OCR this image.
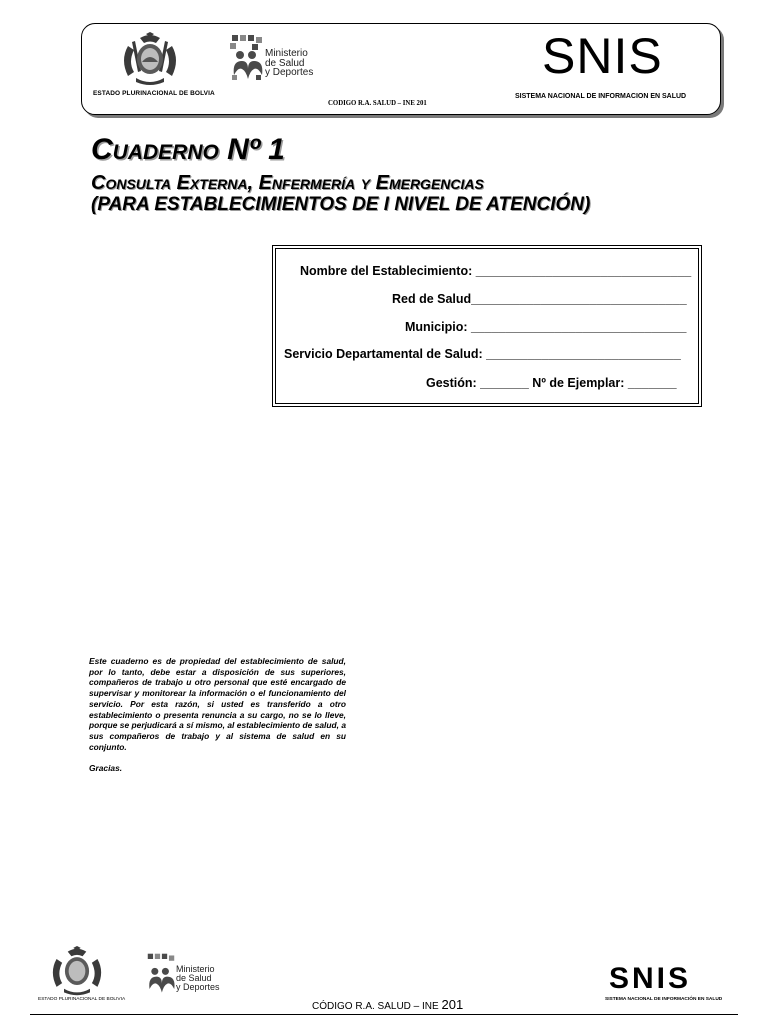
ESTADO PLURINACIONAL DE BOLVIA
Ministerio
de Salud
y Deportes
CODIGO R.A. SALUD – INE 201
SNIS
SISTEMA NACIONAL DE INFORMACION EN SALUD
Cuaderno Nº 1
Consulta Externa, Enfermería y Emergencias
(PARA ESTABLECIMIENTOS DE I NIVEL DE ATENCIÓN)
Nombre del Establecimiento: _______________________________
Red de Salud_______________________________
Municipio: _______________________________
Servicio Departamental de Salud: ____________________________
Gestión: _______ Nº de Ejemplar: _______
Este cuaderno es de propiedad del establecimiento de salud, por lo tanto, debe estar a disposición de sus superiores, compañeros de trabajo u otro personal que esté encargado de supervisar y monitorear la información o el funcionamiento del servicio. Por esta razón, si usted es transferido a otro establecimiento o presenta renuncia a su cargo, no se lo lleve, porque se perjudicará a sí mismo, al establecimiento de salud, a sus compañeros de trabajo y al sistema de salud en su conjunto.
Gracias.
ESTADO PLURINACIONAL DE BOLIVIA
Ministerio
de Salud
y Deportes
CÓDIGO R.A. SALUD – INE 201
SNIS
SISTEMA NACIONAL DE INFORMACIÓN EN SALUD
